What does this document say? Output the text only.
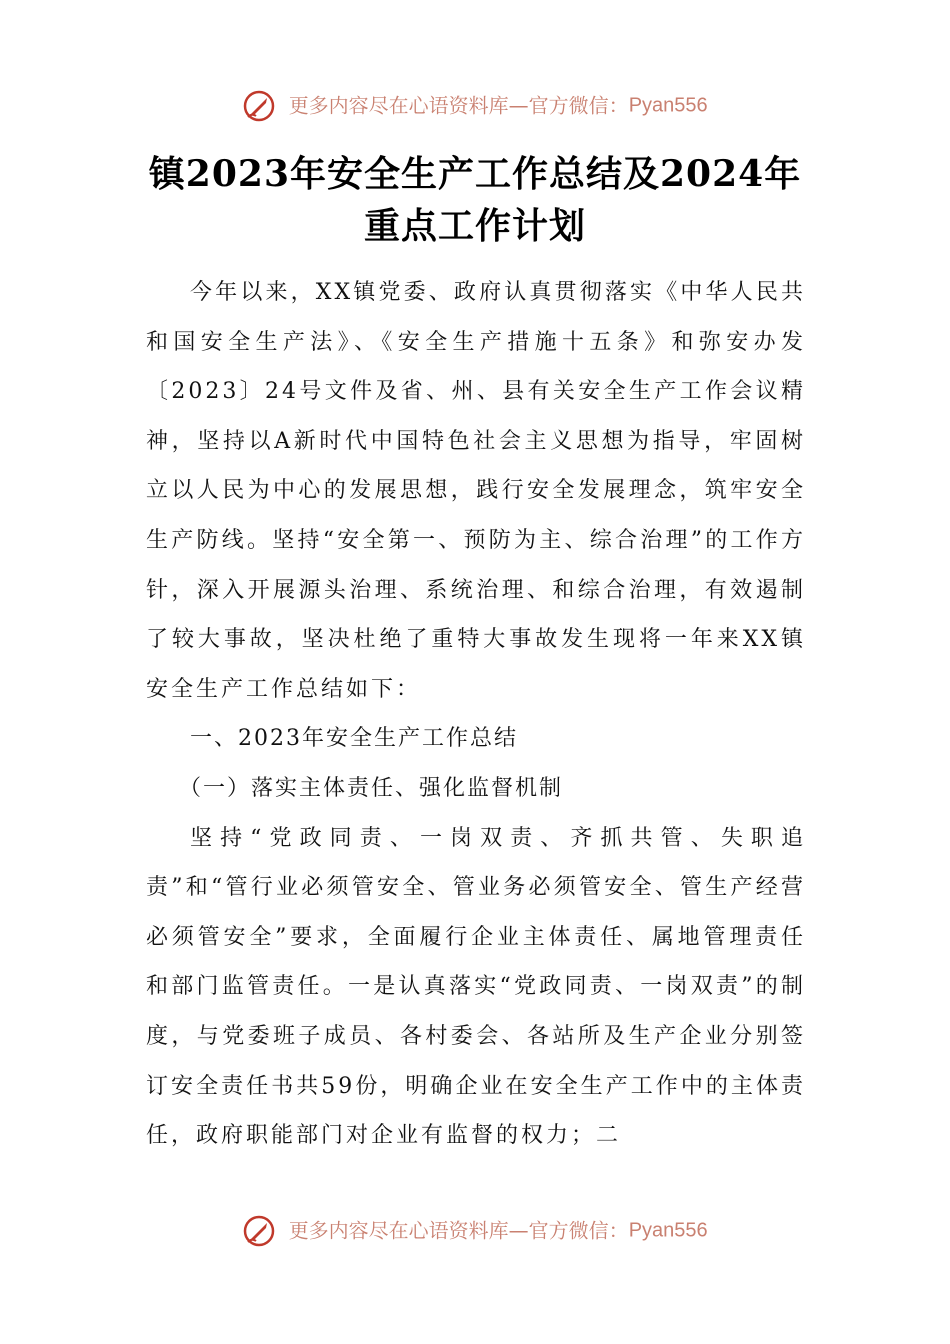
更多内容尽在心语资料库—官方微信：Pyan556
镇2023年安全生产工作总结及2024年
重点工作计划

今年以来，XX镇党委、政府认真贯彻落实《中华人民共和国安全生产法》、《安全生产措施十五条》和弥安办发〔2023〕24号文件及省、州、县有关安全生产工作会议精神，坚持以A新时代中国特色社会主义思想为指导，牢固树立以人民为中心的发展思想，践行安全发展理念，筑牢安全生产防线。坚持“安全第一、预防为主、综合治理”的工作方针，深入开展源头治理、系统治理、和综合治理，有效遏制了较大事故，坚决杜绝了重特大事故发生现将一年来XX镇安全生产工作总结如下：

一、2023年安全生产工作总结

（一）落实主体责任、强化监督机制

坚持“党政同责、一岗双责、齐抓共管、失职追责”和“管行业必须管安全、管业务必须管安全、管生产经营必须管安全”要求，全面履行企业主体责任、属地管理责任和部门监管责任。一是认真落实“党政同责、一岗双责”的制度，与党委班子成员、各村委会、各站所及生产企业分别签订安全责任书共59份，明确企业在安全生产工作中的主体责任，政府职能部门对企业有监督的权力；二

更多内容尽在心语资料库—官方微信：Pyan556
